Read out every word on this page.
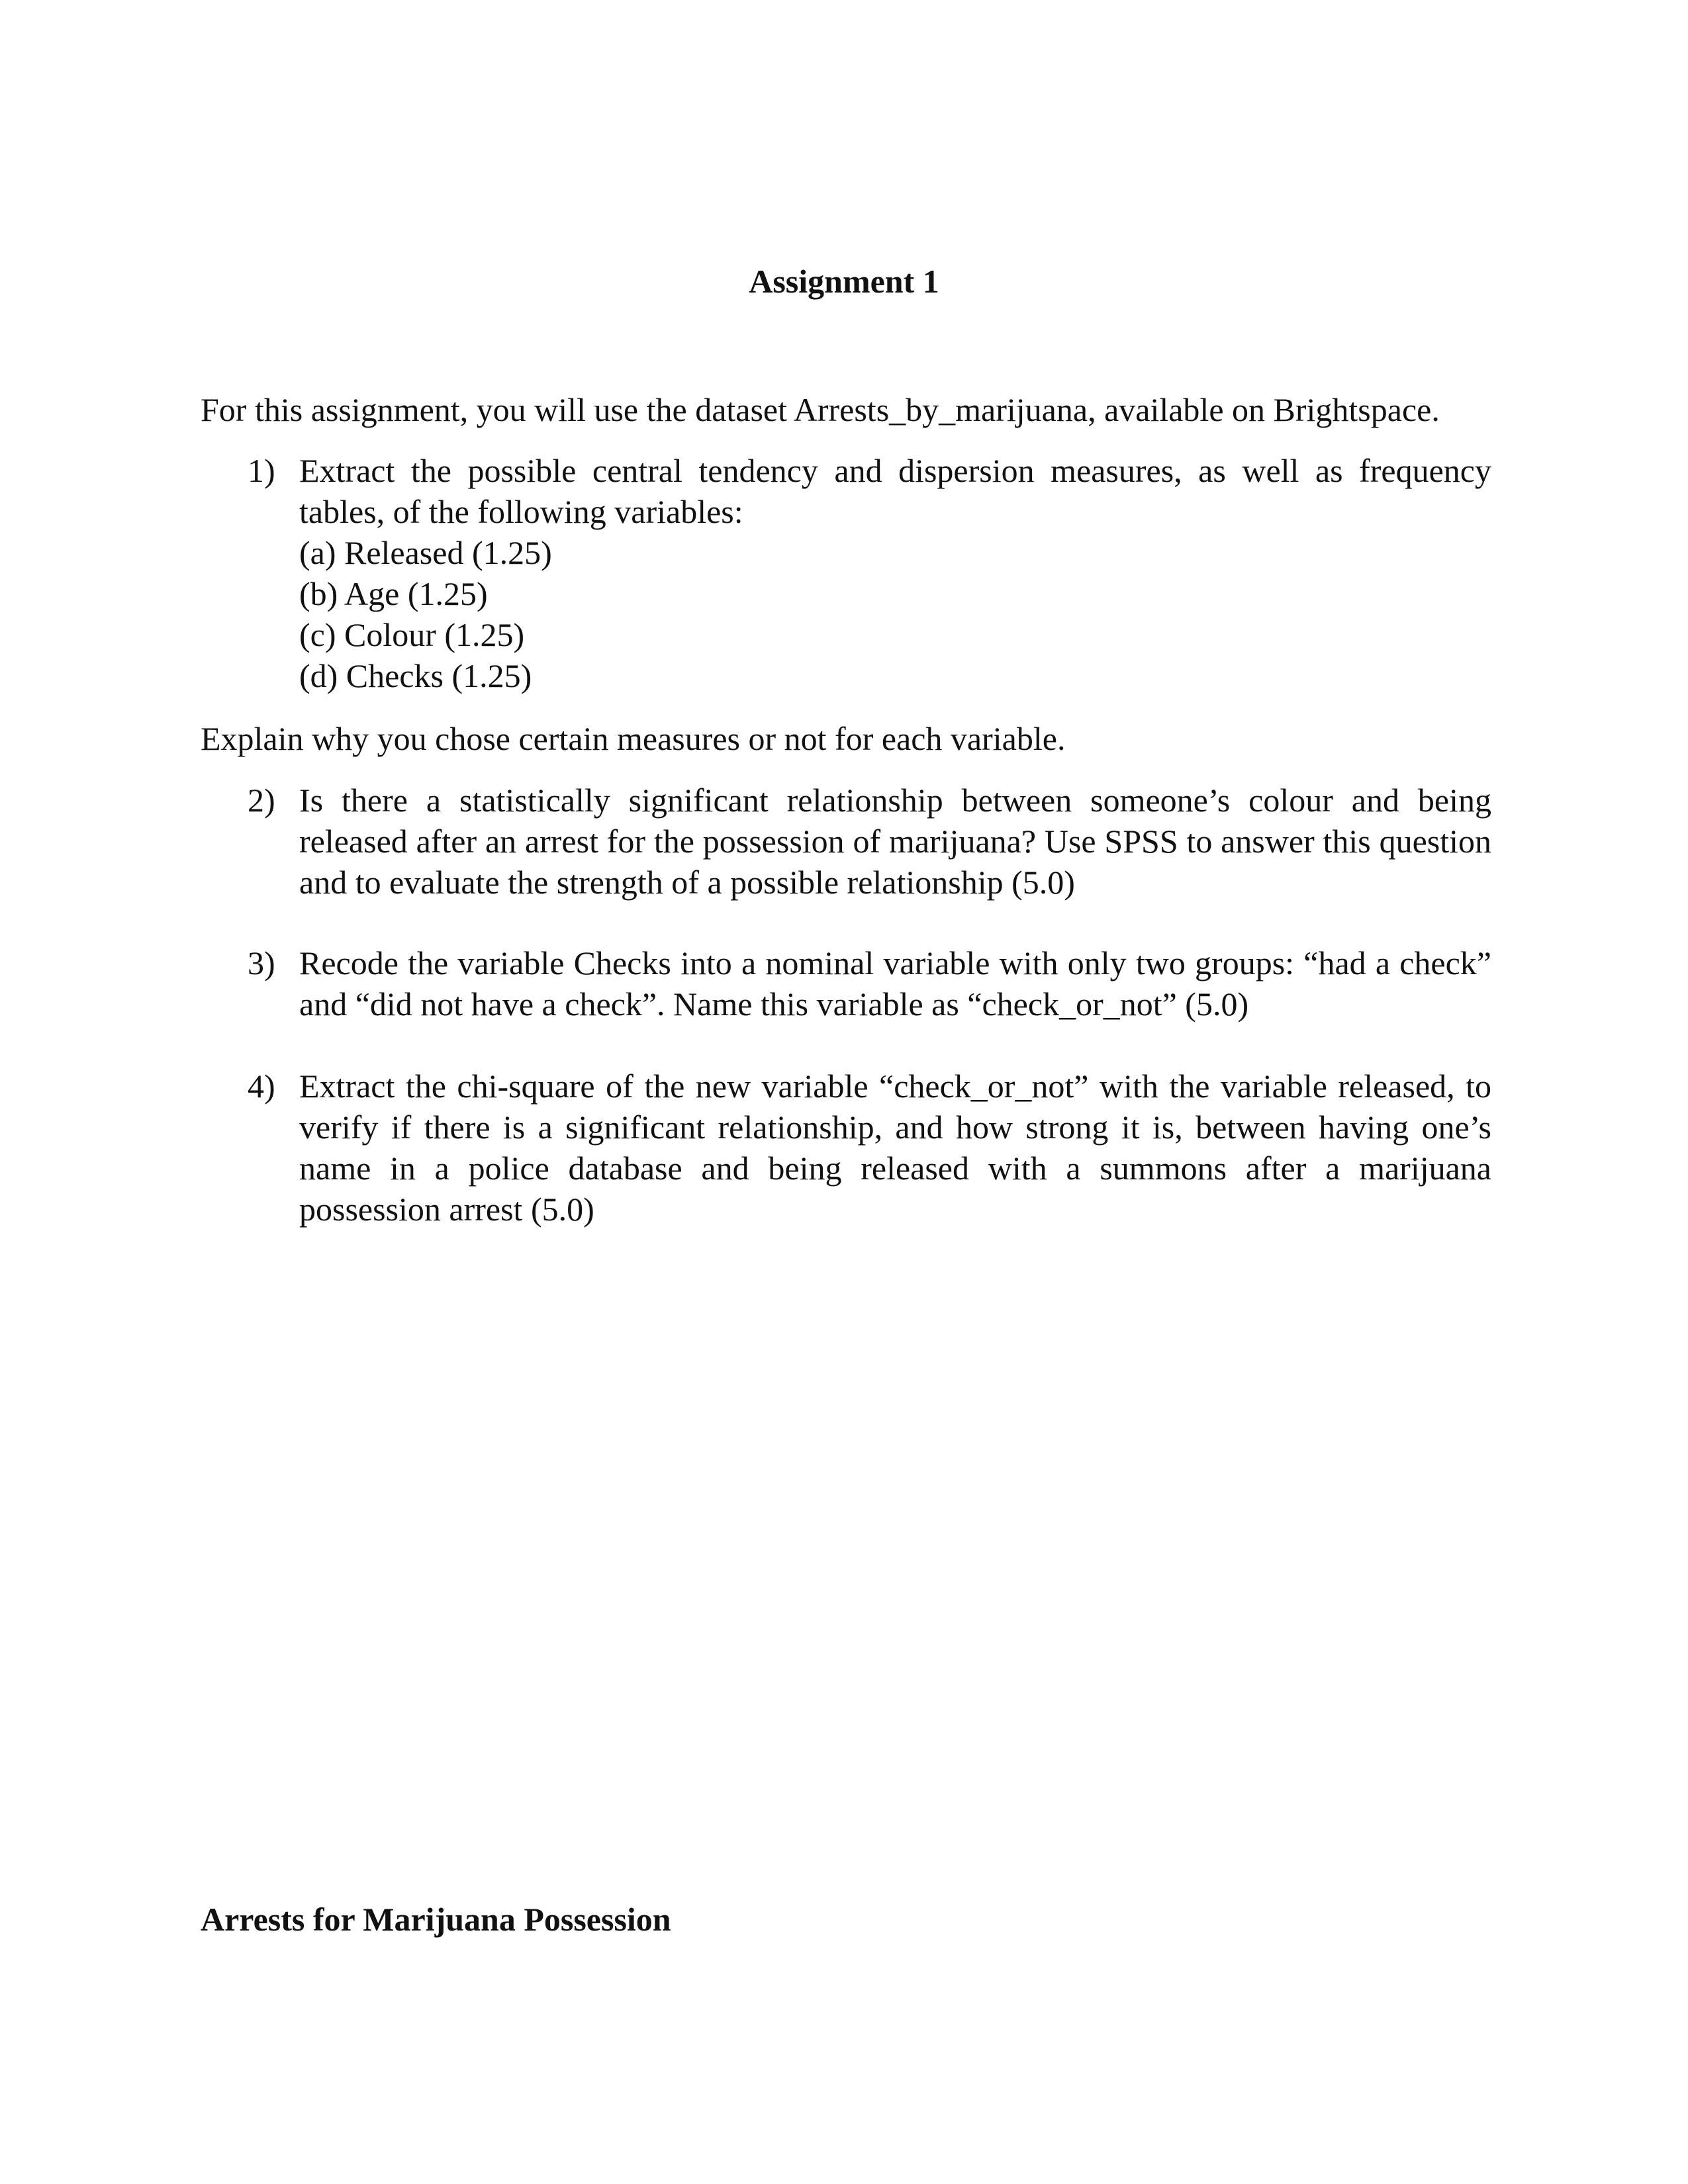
Assignment 1
For this assignment, you will use the dataset Arrests_by_marijuana, available on Brightspace.
1) Extract the possible central tendency and dispersion measures, as well as frequency tables, of the following variables:
(a) Released (1.25)
(b) Age (1.25)
(c) Colour (1.25)
(d) Checks (1.25)
Explain why you chose certain measures or not for each variable.
2) Is there a statistically significant relationship between someone’s colour and being released after an arrest for the possession of marijuana? Use SPSS to answer this question and to evaluate the strength of a possible relationship (5.0)
3) Recode the variable Checks into a nominal variable with only two groups: “had a check” and “did not have a check”. Name this variable as “check_or_not” (5.0)
4) Extract the chi-square of the new variable “check_or_not” with the variable released, to verify if there is a significant relationship, and how strong it is, between having one’s name in a police database and being released with a summons after a marijuana possession arrest (5.0)
Arrests for Marijuana Possession
